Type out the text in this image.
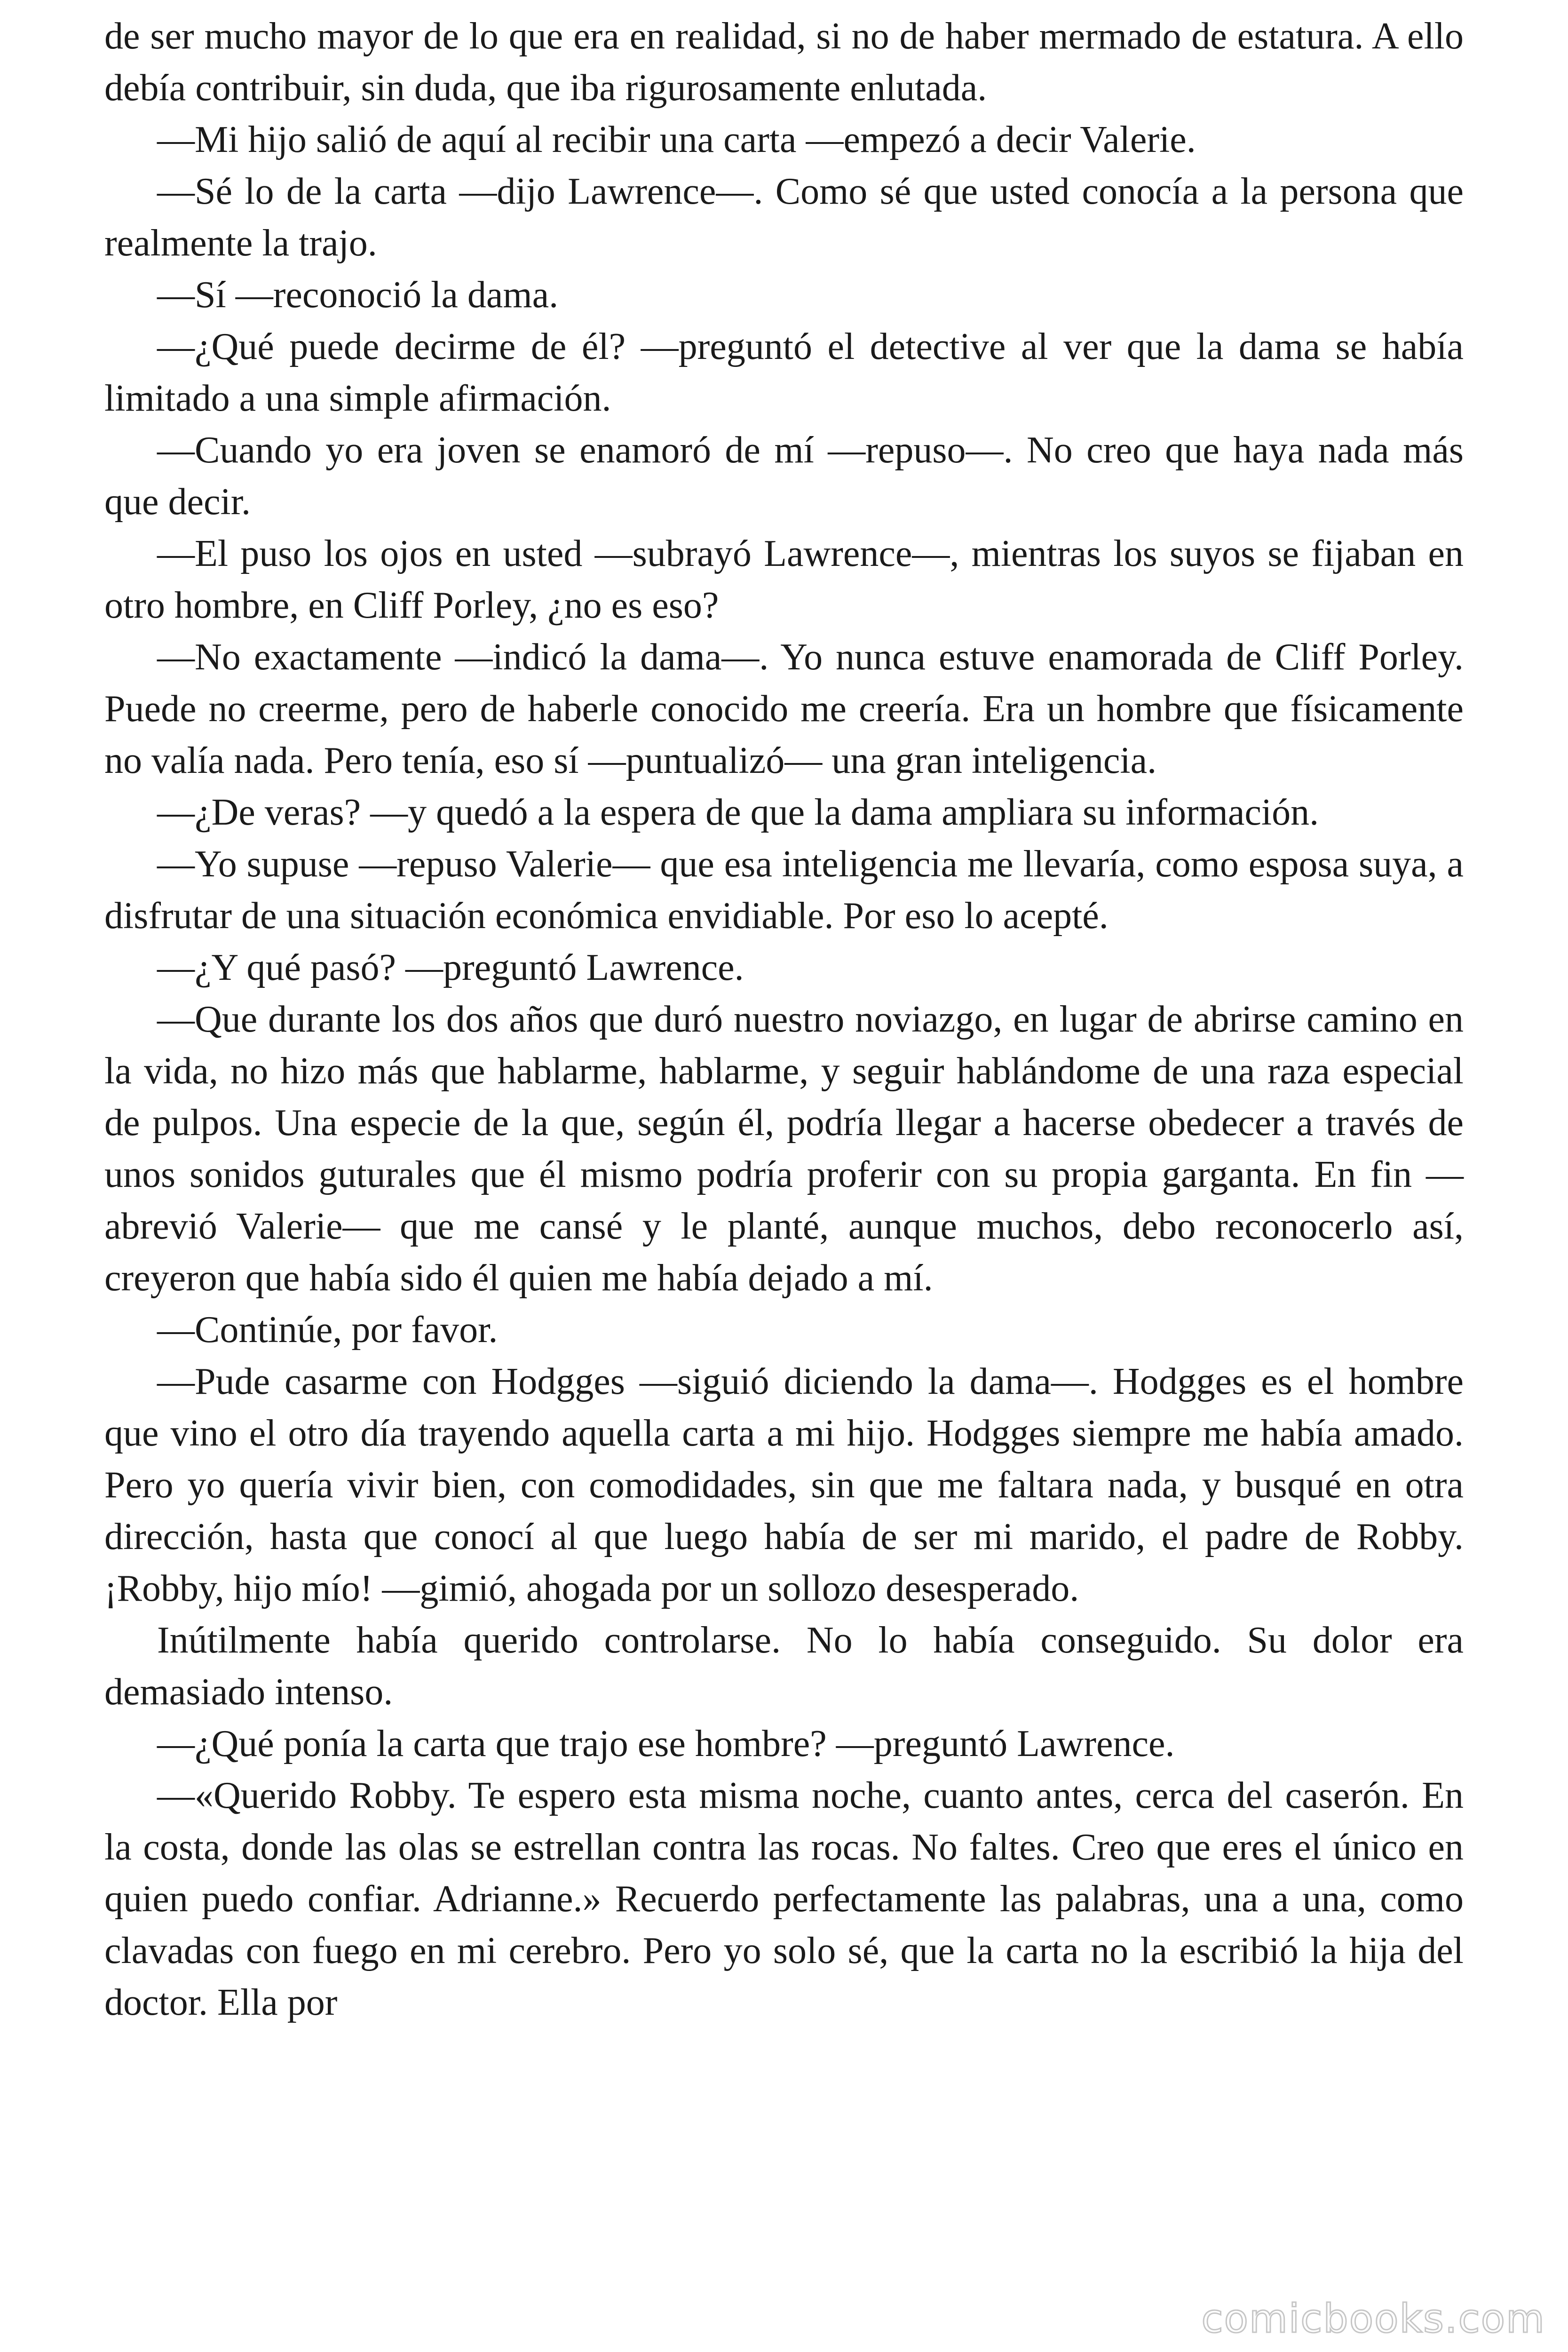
de ser mucho mayor de lo que era en realidad, si no de haber mermado de estatura. A ello debía contribuir, sin duda, que iba rigurosamente enlutada.

—Mi hijo salió de aquí al recibir una carta —empezó a decir Valerie.

—Sé lo de la carta —dijo Lawrence—. Como sé que usted conocía a la persona que realmente la trajo.

—Sí —reconoció la dama.

—¿Qué puede decirme de él? —preguntó el detective al ver que la dama se había limitado a una simple afirmación.

—Cuando yo era joven se enamoró de mí —repuso—. No creo que haya nada más que decir.

—El puso los ojos en usted —subrayó Lawrence—, mientras los suyos se fijaban en otro hombre, en Cliff Porley, ¿no es eso?

—No exactamente —indicó la dama—. Yo nunca estuve enamorada de Cliff Porley. Puede no creerme, pero de haberle conocido me creería. Era un hombre que físicamente no valía nada. Pero tenía, eso sí —puntualizó— una gran inteligencia.

—¿De veras? —y quedó a la espera de que la dama ampliara su información.

—Yo supuse —repuso Valerie— que esa inteligencia me llevaría, como esposa suya, a disfrutar de una situación económica envidiable. Por eso lo acepté.

—¿Y qué pasó? —preguntó Lawrence.

—Que durante los dos años que duró nuestro noviazgo, en lugar de abrirse camino en la vida, no hizo más que hablarme, hablarme, y seguir hablándome de una raza especial de pulpos. Una especie de la que, según él, podría llegar a hacerse obedecer a través de unos sonidos guturales que él mismo podría proferir con su propia garganta. En fin —abrevió Valerie— que me cansé y le planté, aunque muchos, debo reconocerlo así, creyeron que había sido él quien me había dejado a mí.

—Continúe, por favor.

—Pude casarme con Hodgges —siguió diciendo la dama—. Hodgges es el hombre que vino el otro día trayendo aquella carta a mi hijo. Hodgges siempre me había amado. Pero yo quería vivir bien, con comodidades, sin que me faltara nada, y busqué en otra dirección, hasta que conocí al que luego había de ser mi marido, el padre de Robby. ¡Robby, hijo mío! —gimió, ahogada por un sollozo desesperado.

Inútilmente había querido controlarse. No lo había conseguido. Su dolor era demasiado intenso.

—¿Qué ponía la carta que trajo ese hombre? —preguntó Lawrence.

—«Querido Robby. Te espero esta misma noche, cuanto antes, cerca del caserón. En la costa, donde las olas se estrellan contra las rocas. No faltes. Creo que eres el único en quien puedo confiar. Adrianne.» Recuerdo perfectamente las palabras, una a una, como clavadas con fuego en mi cerebro. Pero yo solo sé, que la carta no la escribió la hija del doctor. Ella por

comicbooks.com
